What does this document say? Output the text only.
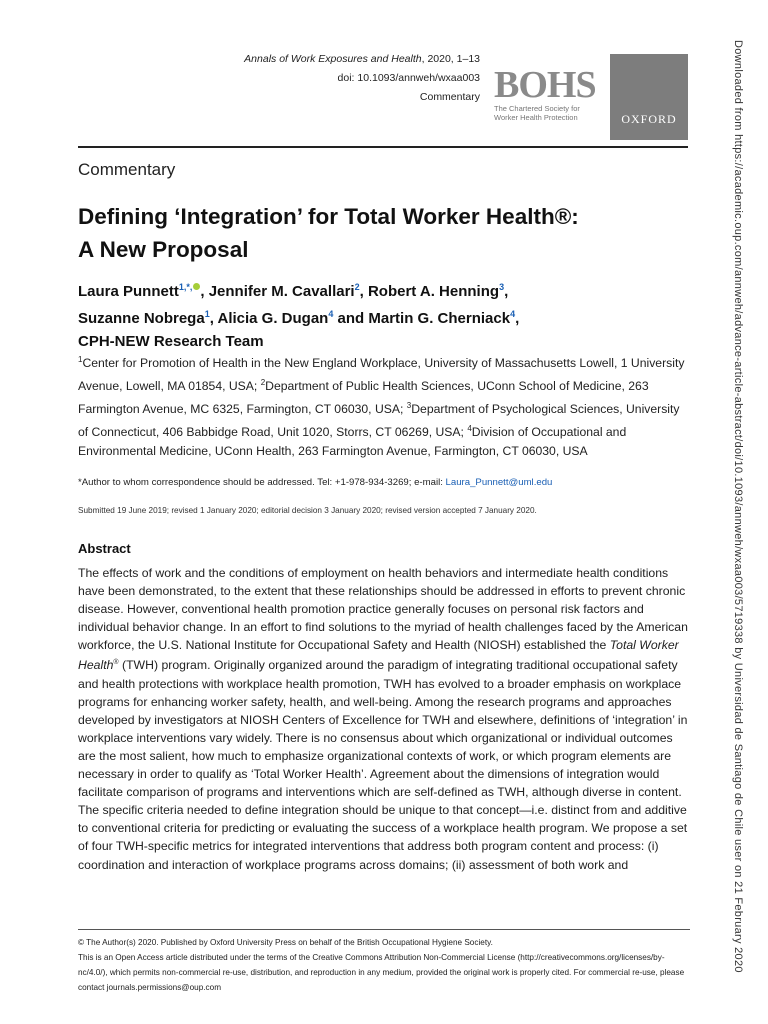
Annals of Work Exposures and Health, 2020, 1–13
doi: 10.1093/annweh/wxaa003
Commentary BOHS
The Chartered Society for
Worker Health Protection	OXFORD
Commentary
Defining ‘Integration’ for Total Worker Health®:
A New Proposal
Laura Punnett$^{1,*,}$ , Jennifer M. Cavallari$^2$, Robert A. Henning$^3$,
Suzanne Nobrega$^1$, Alicia G. Dugan$^4$ and Martin G. Cherniack$^4$,
CPH-NEW Research Team
$^1$Center for Promotion of Health in the New England Workplace, University of Massachusetts Lowell, 1 University Avenue, Lowell, MA 01854, USA; $^2$Department of Public Health Sciences, UConn School of Medicine, 263 Farmington Avenue, MC 6325, Farmington, CT 06030, USA; $^3$Department of Psychological Sciences, University of Connecticut, 406 Babbidge Road, Unit 1020, Storrs, CT 06269, USA; $^4$Division of Occupational and Environmental Medicine, UConn Health, 263 Farmington Avenue, Farmington, CT 06030, USA
*Author to whom correspondence should be addressed. Tel: +1-978-934-3269; e-mail: Laura_Punnett@uml.edu
Submitted 19 June 2019; revised 1 January 2020; editorial decision 3 January 2020; revised version accepted 7 January 2020.
Abstract
The effects of work and the conditions of employment on health behaviors and intermediate health conditions have been demonstrated, to the extent that these relationships should be addressed in efforts to prevent chronic disease. However, conventional health promotion practice generally focuses on personal risk factors and individual behavior change. In an effort to find solutions to the myriad of health challenges faced by the American workforce, the U.S. National Institute for Occupational Safety and Health (NIOSH) established the Total Worker Health® (TWH) program. Originally organized around the paradigm of integrating traditional occupational safety and health protections with workplace health promotion, TWH has evolved to a broader emphasis on workplace programs for enhancing worker safety, health, and well-being. Among the research programs and approaches developed by investigators at NIOSH Centers of Excellence for TWH and elsewhere, definitions of ‘integration’ in workplace interventions vary widely. There is no consensus about which organizational or individual outcomes are the most salient, how much to emphasize organizational contexts of work, or which program elements are necessary in order to qualify as ‘Total Worker Health’. Agreement about the dimensions of integration would facilitate comparison of programs and interventions which are self-defined as TWH, although diverse in content. The specific criteria needed to define integration should be unique to that concept—i.e. distinct from and additive to conventional criteria for predicting or evaluating the success of a workplace health program. We propose a set of four TWH-specific metrics for integrated interventions that address both program content and process: (i) coordination and interaction of workplace programs across domains; (ii) assessment of both work and
© The Author(s) 2020. Published by Oxford University Press on behalf of the British Occupational Hygiene Society.
This is an Open Access article distributed under the terms of the Creative Commons Attribution Non-Commercial License (http://creativecommons.org/licenses/by-nc/4.0/), which permits non-commercial re-use, distribution, and reproduction in any medium, provided the original work is properly cited. For commercial re-use, please contact journals.permissions@oup.com
Downloaded from https://academic.oup.com/annweh/advance-article-abstract/doi/10.1093/annweh/wxaa003/5719338 by Universidad de Santiago de Chile user on 21 February 2020
